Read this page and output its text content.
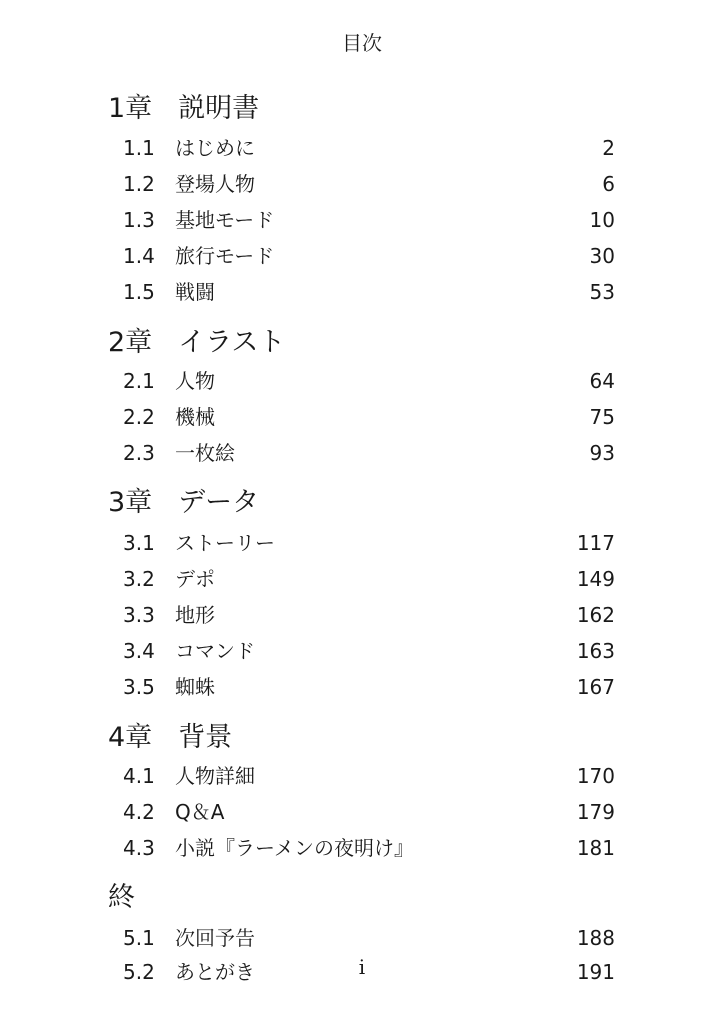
目次
1章 説明書
1.1 はじめに	2
1.2 登場人物	6
1.3 基地モード	10
1.4 旅行モード	30
1.5 戦闘	53
2章 イラスト
2.1 人物	64
2.2 機械	75
2.3 一枚絵	93
3章 データ
3.1 ストーリー	117
3.2 デポ	149
3.3 地形	162
3.4 コマンド	163
3.5 蜘蛛	167
4章 背景
4.1 人物詳細	170
4.2 Q＆A	179
4.3 小説『ラーメンの夜明け』	181
終
5.1 次回予告	188
5.2 あとがき	191
i
